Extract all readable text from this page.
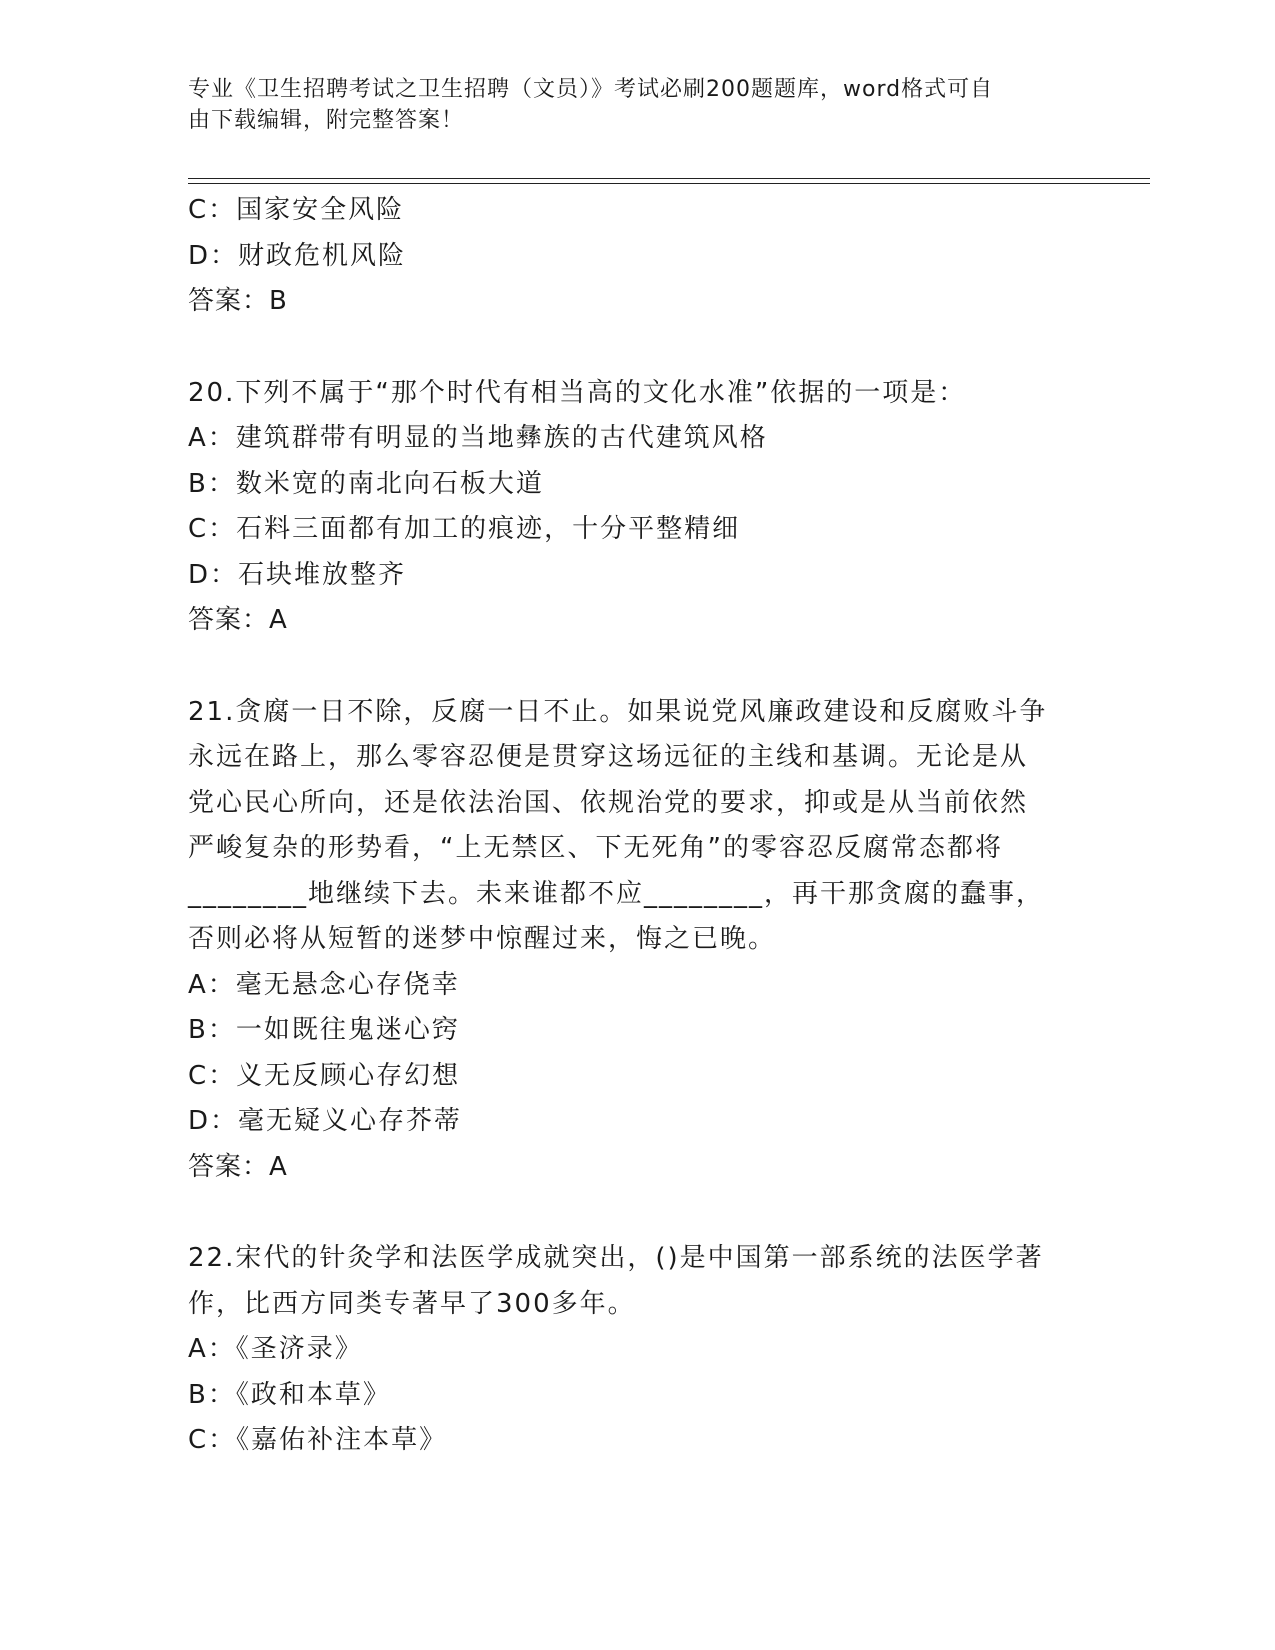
专业《卫生招聘考试之卫生招聘（文员）》考试必刷200题题库，word格式可自
由下载编辑，附完整答案！
C：国家安全风险
D：财政危机风险
答案：B
20.下列不属于“那个时代有相当高的文化水准”依据的一项是：
A：建筑群带有明显的当地彝族的古代建筑风格
B：数米宽的南北向石板大道
C：石料三面都有加工的痕迹，十分平整精细
D：石块堆放整齐
答案：A
21.贪腐一日不除，反腐一日不止。如果说党风廉政建设和反腐败斗争
永远在路上，那么零容忍便是贯穿这场远征的主线和基调。无论是从
党心民心所向，还是依法治国、依规治党的要求，抑或是从当前依然
严峻复杂的形势看，“上无禁区、下无死角”的零容忍反腐常态都将
________地继续下去。未来谁都不应________，再干那贪腐的蠢事，
否则必将从短暂的迷梦中惊醒过来，悔之已晚。
A：毫无悬念心存侥幸
B：一如既往鬼迷心窍
C：义无反顾心存幻想
D：毫无疑义心存芥蒂
答案：A
22.宋代的针灸学和法医学成就突出，()是中国第一部系统的法医学著
作，比西方同类专著早了300多年。
A：《圣济录》
B：《政和本草》
C：《嘉佑补注本草》
